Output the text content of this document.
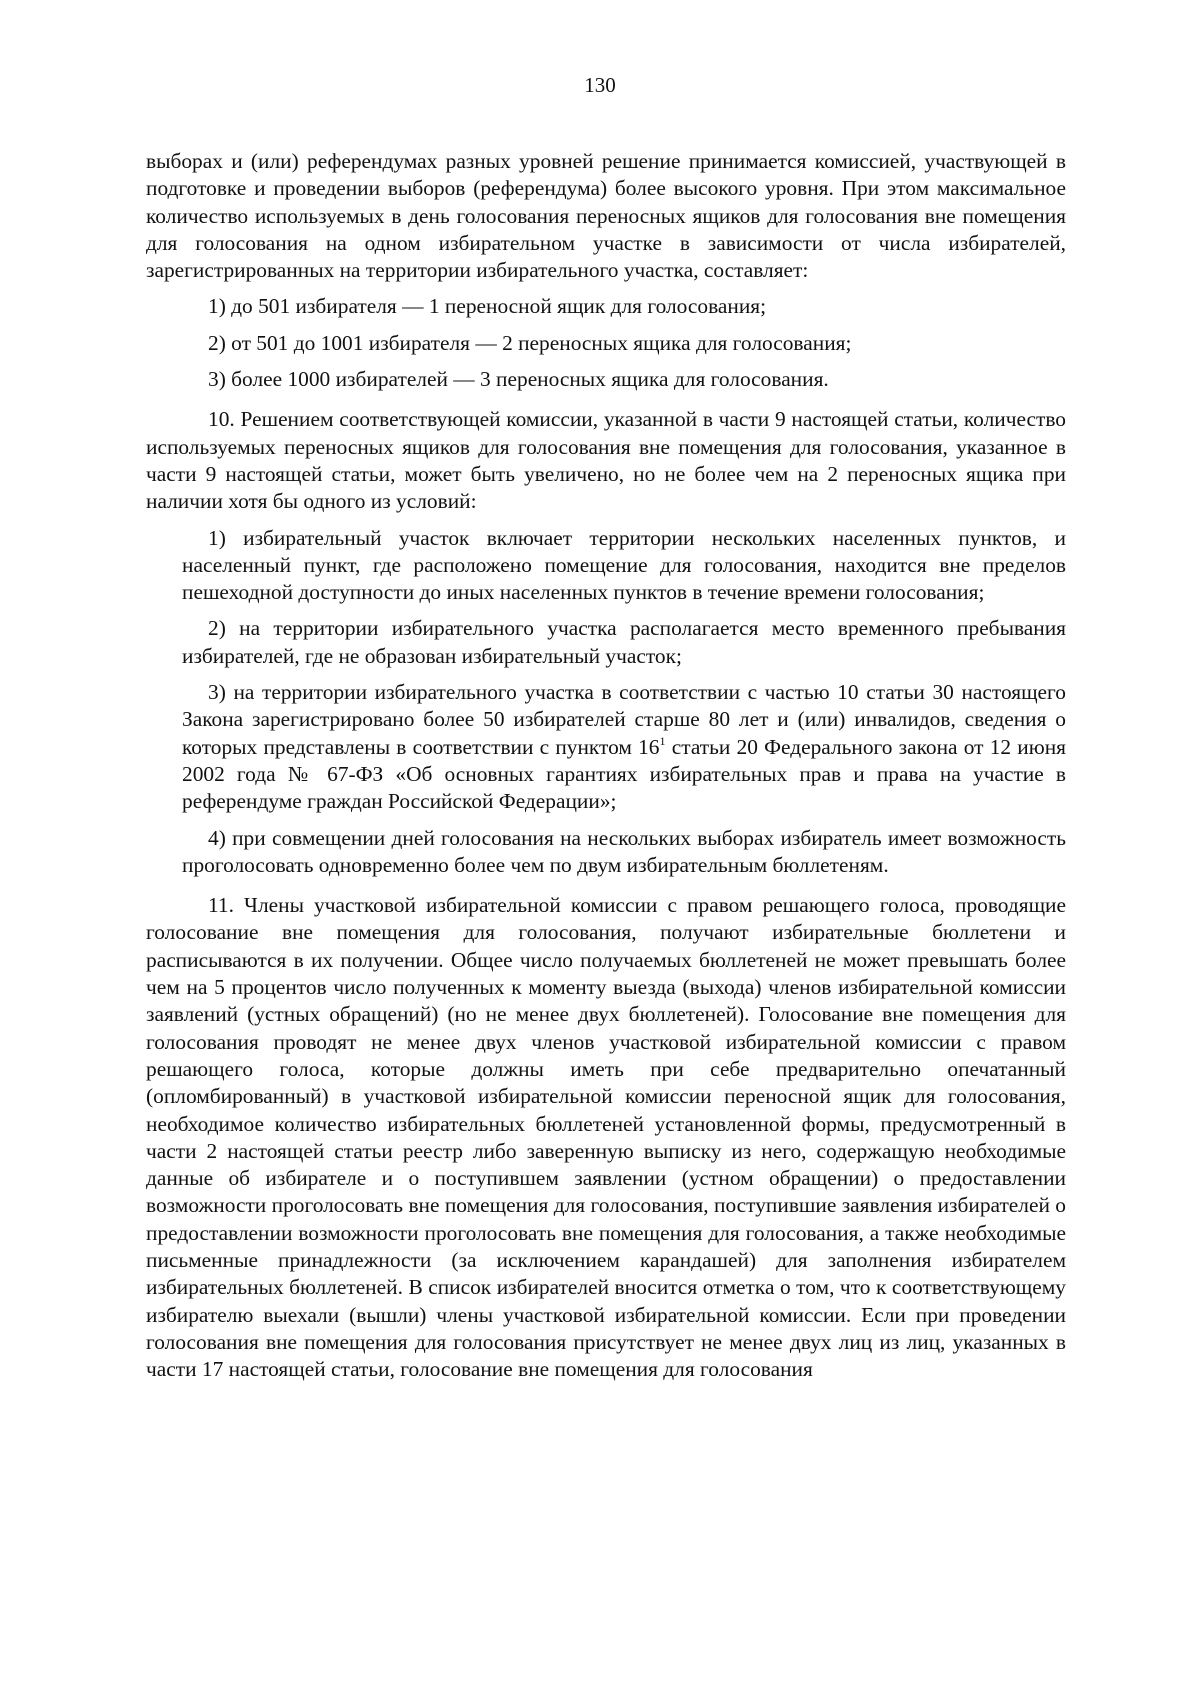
130

выборах и (или) референдумах разных уровней решение принимается комиссией, участвующей в подготовке и проведении выборов (референдума) более высокого уровня. При этом максимальное количество используемых в день голосования переносных ящиков для голосования вне помещения для голосования на одном избирательном участке в зависимости от числа избирателей, зарегистрированных на территории избирательного участка, составляет:

1) до 501 избирателя — 1 переносной ящик для голосования;

2) от 501 до 1001 избирателя — 2 переносных ящика для голосования;

3) более 1000 избирателей — 3 переносных ящика для голосования.

10. Решением соответствующей комиссии, указанной в части 9 настоящей статьи, количество используемых переносных ящиков для голосования вне помещения для голосования, указанное в части 9 настоящей статьи, может быть увеличено, но не более чем на 2 переносных ящика при наличии хотя бы одного из условий:

1) избирательный участок включает территории нескольких населенных пунктов, и населенный пункт, где расположено помещение для голосования, находится вне пределов пешеходной доступности до иных населенных пунктов в течение времени голосования;

2) на территории избирательного участка располагается место временного пребывания избирателей, где не образован избирательный участок;

3) на территории избирательного участка в соответствии с частью 10 статьи 30 настоящего Закона зарегистрировано более 50 избирателей старше 80 лет и (или) инвалидов, сведения о которых представлены в соответствии с пунктом $16^1$ статьи 20 Федерального закона от 12 июня 2002 года № 67-ФЗ «Об основных гарантиях избирательных прав и права на участие в референдуме граждан Российской Федерации»;

4) при совмещении дней голосования на нескольких выборах избиратель имеет возможность проголосовать одновременно более чем по двум избирательным бюллетеням.

11. Члены участковой избирательной комиссии с правом решающего голоса, проводящие голосование вне помещения для голосования, получают избирательные бюллетени и расписываются в их получении. Общее число получаемых бюллетеней не может превышать более чем на 5 процентов число полученных к моменту выезда (выхода) членов избирательной комиссии заявлений (устных обращений) (но не менее двух бюллетеней). Голосование вне помещения для голосования проводят не менее двух членов участковой избирательной комиссии с правом решающего голоса, которые должны иметь при себе предварительно опечатанный (опломбированный) в участковой избирательной комиссии переносной ящик для голосования, необходимое количество избирательных бюллетеней установленной формы, предусмотренный в части 2 настоящей статьи реестр либо заверенную выписку из него, содержащую необходимые данные об избирателе и о поступившем заявлении (устном обращении) о предоставлении возможности проголосовать вне помещения для голосования, поступившие заявления избирателей о предоставлении возможности проголосовать вне помещения для голосования, а также необходимые письменные принадлежности (за исключением карандашей) для заполнения избирателем избирательных бюллетеней. В список избирателей вносится отметка о том, что к соответствующему избирателю выехали (вышли) члены участковой избирательной комиссии. Если при проведении голосования вне помещения для голосования присутствует не менее двух лиц из лиц, указанных в части 17 настоящей статьи, голосование вне помещения для голосования
